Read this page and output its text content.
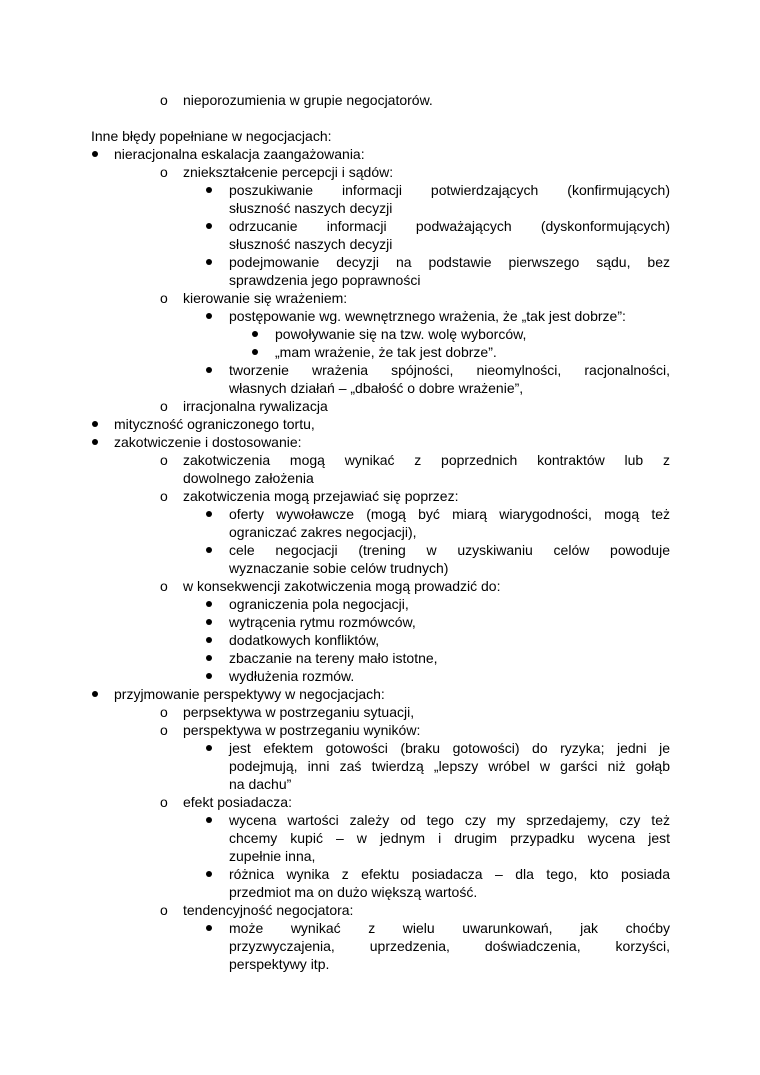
o nieporozumienia w grupie negocjatorów.
Inne błędy popełniane w negocjacjach:
nieracjonalna eskalacja zaangażowania:
o zniekształcenie percepcji i sądów:
poszukiwanie informacji potwierdzających (konfirmujących)
słuszność naszych decyzji
odrzucanie informacji podważających (dyskonformujących)
słuszność naszych decyzji
podejmowanie decyzji na podstawie pierwszego sądu, bez
sprawdzenia jego poprawności
o kierowanie się wrażeniem:
postępowanie wg. wewnętrznego wrażenia, że „tak jest dobrze”:
powoływanie się na tzw. wolę wyborców,
„mam wrażenie, że tak jest dobrze”.
tworzenie wrażenia spójności, nieomylności, racjonalności,
własnych działań – „dbałość o dobre wrażenie”,
o irracjonalna rywalizacja
mityczność ograniczonego tortu,
zakotwiczenie i dostosowanie:
o zakotwiczenia mogą wynikać z poprzednich kontraktów lub z
dowolnego założenia
o zakotwiczenia mogą przejawiać się poprzez:
oferty wywoławcze (mogą być miarą wiarygodności, mogą też
ograniczać zakres negocjacji),
cele negocjacji (trening w uzyskiwaniu celów powoduje
wyznaczanie sobie celów trudnych)
o w konsekwencji zakotwiczenia mogą prowadzić do:
ograniczenia pola negocjacji,
wytrącenia rytmu rozmówców,
dodatkowych konfliktów,
zbaczanie na tereny mało istotne,
wydłużenia rozmów.
przyjmowanie perspektywy w negocjacjach:
o perpsektywa w postrzeganiu sytuacji,
o perspektywa w postrzeganiu wyników:
jest efektem gotowości (braku gotowości) do ryzyka; jedni je
podejmują, inni zaś twierdzą „lepszy wróbel w garści niż gołąb
na dachu”
o efekt posiadacza:
wycena wartości zależy od tego czy my sprzedajemy, czy też
chcemy kupić – w jednym i drugim przypadku wycena jest
zupełnie inna,
różnica wynika z efektu posiadacza – dla tego, kto posiada
przedmiot ma on dużo większą wartość.
o tendencyjność negocjatora:
może wynikać z wielu uwarunkowań, jak choćby
przyzwyczajenia, uprzedzenia, doświadczenia, korzyści,
perspektywy itp.
